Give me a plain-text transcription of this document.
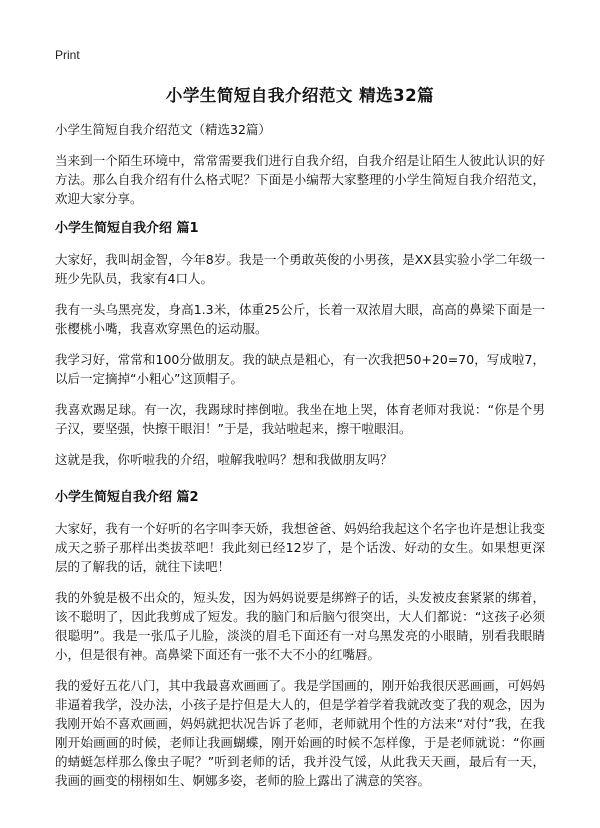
Print
小学生简短自我介绍范文 精选32篇
小学生简短自我介绍范文（精选32篇）

当来到一个陌生环境中，常常需要我们进行自我介绍，自我介绍是让陌生人彼此认识的好方法。那么自我介绍有什么格式呢？下面是小编帮大家整理的小学生简短自我介绍范文，欢迎大家分享。

小学生简短自我介绍 篇1

大家好，我叫胡金智，今年8岁。我是一个勇敢英俊的小男孩，是XX县实验小学二年级一班少先队员，我家有4口人。

我有一头乌黑亮发，身高1.3米，体重25公斤，长着一双浓眉大眼，高高的鼻梁下面是一张樱桃小嘴，我喜欢穿黑色的运动服。

我学习好，常常和100分做朋友。我的缺点是粗心，有一次我把50+20=70，写成啦7，以后一定摘掉“小粗心”这顶帽子。

我喜欢踢足球。有一次，我踢球时摔倒啦。我坐在地上哭，体育老师对我说：“你是个男子汉，要坚强，快擦干眼泪！”于是，我站啦起来，擦干啦眼泪。

这就是我，你听啦我的介绍，啦解我啦吗？想和我做朋友吗？

小学生简短自我介绍 篇2

大家好，我有一个好听的名字叫李天娇，我想爸爸、妈妈给我起这个名字也许是想让我变成天之骄子那样出类拔萃吧！我此刻已经12岁了，是个话泼、好动的女生。如果想更深层的了解我的话，就往下读吧！

我的外貌是极不出众的，短头发，因为妈妈说要是绑辫子的话，头发被皮套紧紧的绑着，该不聪明了，因此我剪成了短发。我的脑门和后脑勺很突出，大人们都说：“这孩子必须很聪明”。我是一张瓜子儿脸，淡淡的眉毛下面还有一对乌黑发亮的小眼睛，别看我眼睛小，但是很有神。高鼻梁下面还有一张不大不小的红嘴唇。

我的爱好五花八门，其中我最喜欢画画了。我是学国画的，刚开始我很厌恶画画，可妈妈非逼着我学，没办法，小孩子是拧但是大人的，但是学着学着我就改变了我的观念，因为我刚开始不喜欢画画，妈妈就把状况告诉了老师，老师就用个性的方法来“对付”我，在我刚开始画画的时候，老师让我画蝴蝶，刚开始画的时候不怎样像，于是老师就说：“你画的蜻蜓怎样那么像虫子呢？”听到老师的话，我并没气馁，从此我天天画，最后有一天，我画的画变的栩栩如生、婀娜多姿，老师的脸上露出了满意的笑容。
